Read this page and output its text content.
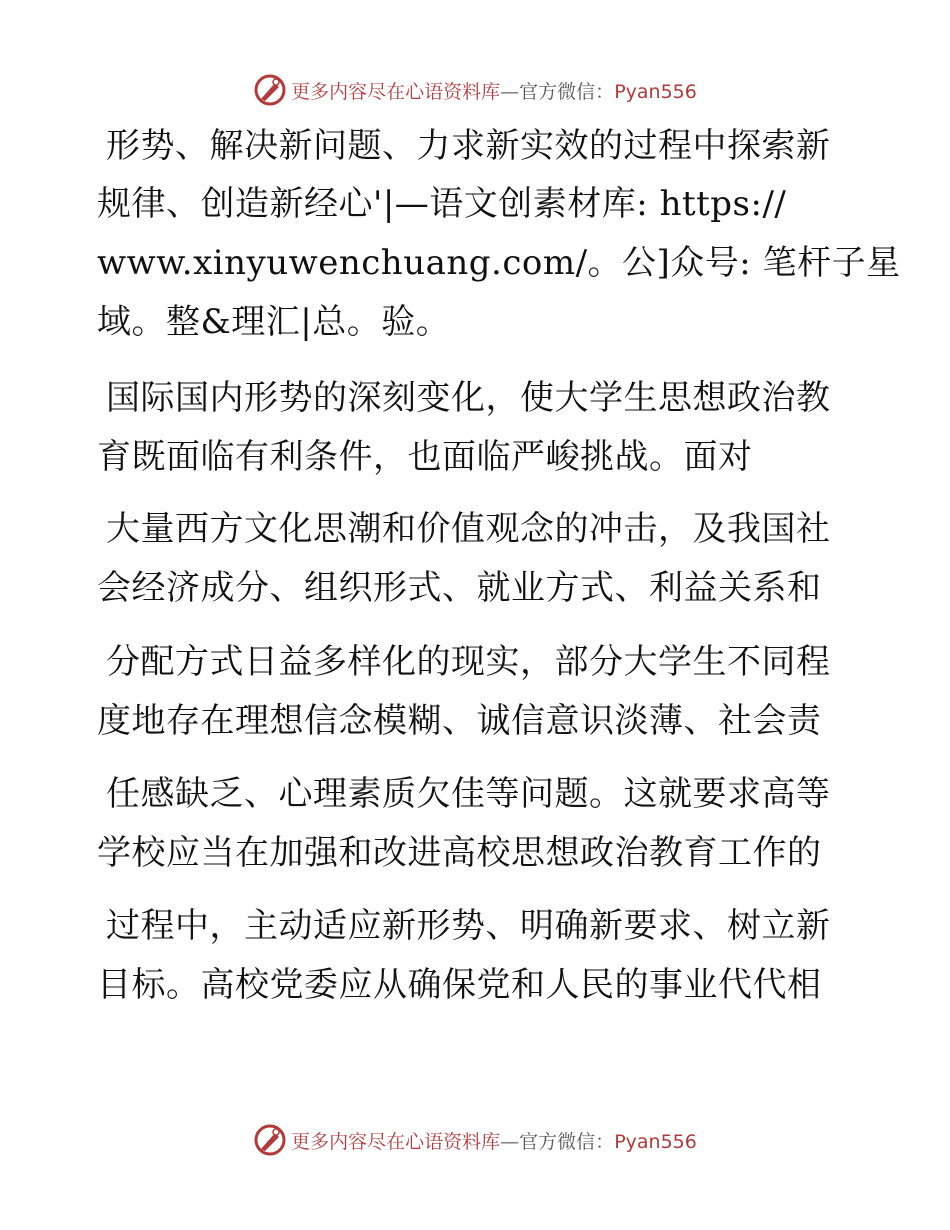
更多内容尽在心语资料库—官方微信：Pyan556
形势、解决新问题、力求新实效的过程中探索新
规律、创造新经心'|—语文创素材库: https://
www.xinyuwenchuang.com/。公]众号: 笔杆子星
域。整&理汇|总。验。
国际国内形势的深刻变化，使大学生思想政治教
育既面临有利条件，也面临严峻挑战。面对
大量西方文化思潮和价值观念的冲击，及我国社
会经济成分、组织形式、就业方式、利益关系和
分配方式日益多样化的现实，部分大学生不同程
度地存在理想信念模糊、诚信意识淡薄、社会责
任感缺乏、心理素质欠佳等问题。这就要求高等
学校应当在加强和改进高校思想政治教育工作的
过程中，主动适应新形势、明确新要求、树立新
目标。高校党委应从确保党和人民的事业代代相
更多内容尽在心语资料库—官方微信：Pyan556
